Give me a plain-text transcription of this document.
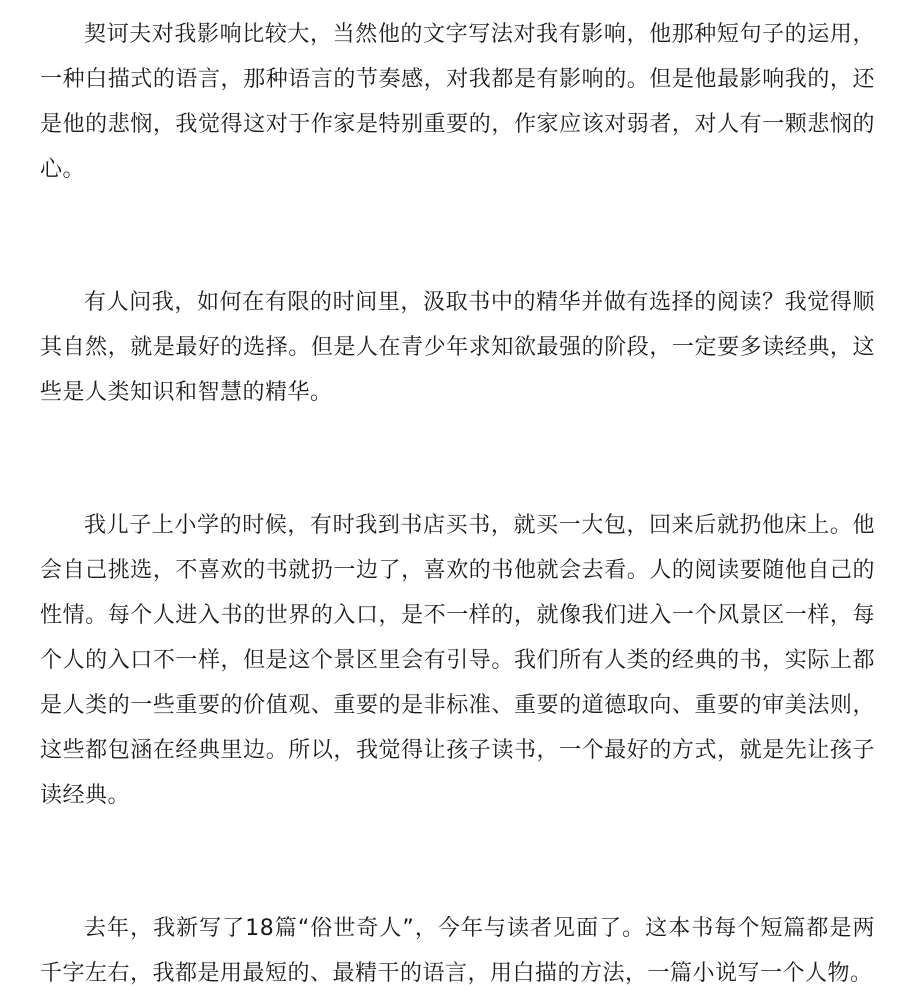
契诃夫对我影响比较大，当然他的文字写法对我有影响，他那种短句子的运用，一种白描式的语言，那种语言的节奏感，对我都是有影响的。但是他最影响我的，还是他的悲悯，我觉得这对于作家是特别重要的，作家应该对弱者，对人有一颗悲悯的心。

有人问我，如何在有限的时间里，汲取书中的精华并做有选择的阅读？我觉得顺其自然，就是最好的选择。但是人在青少年求知欲最强的阶段，一定要多读经典，这些是人类知识和智慧的精华。

我儿子上小学的时候，有时我到书店买书，就买一大包，回来后就扔他床上。他会自己挑选，不喜欢的书就扔一边了，喜欢的书他就会去看。人的阅读要随他自己的性情。每个人进入书的世界的入口，是不一样的，就像我们进入一个风景区一样，每个人的入口不一样，但是这个景区里会有引导。我们所有人类的经典的书，实际上都是人类的一些重要的价值观、重要的是非标准、重要的道德取向、重要的审美法则，这些都包涵在经典里边。所以，我觉得让孩子读书，一个最好的方式，就是先让孩子读经典。

去年，我新写了18篇“俗世奇人”，今年与读者见面了。这本书每个短篇都是两千字左右，我都是用最短的、最精干的语言，用白描的方法，一篇小说写一个人物。
